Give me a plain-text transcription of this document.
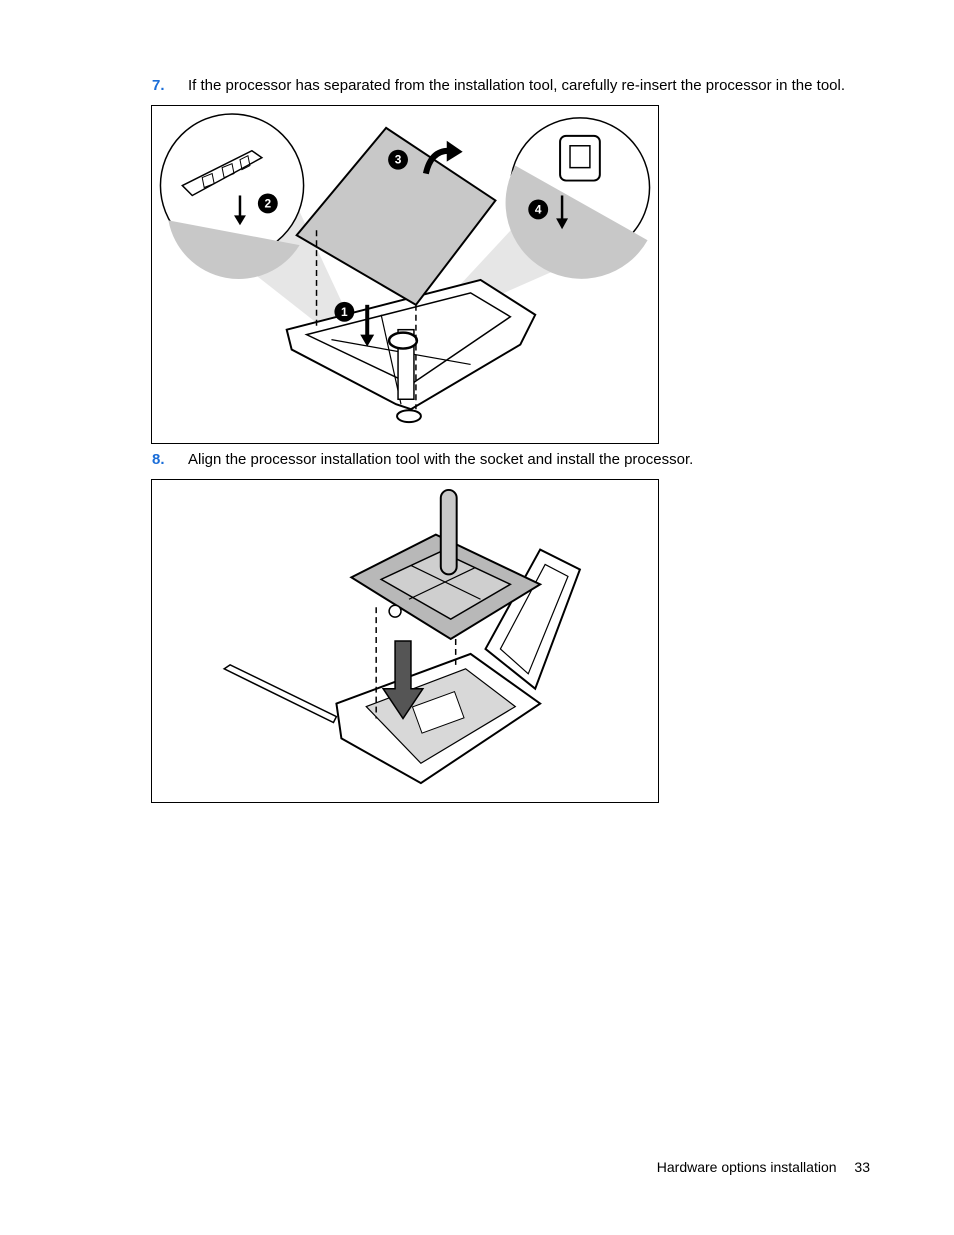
7. If the processor has separated from the installation tool, carefully re-insert the processor in the tool.
2	4
3
1
8. Align the processor installation tool with the socket and install the processor.
Hardware options installation 33
